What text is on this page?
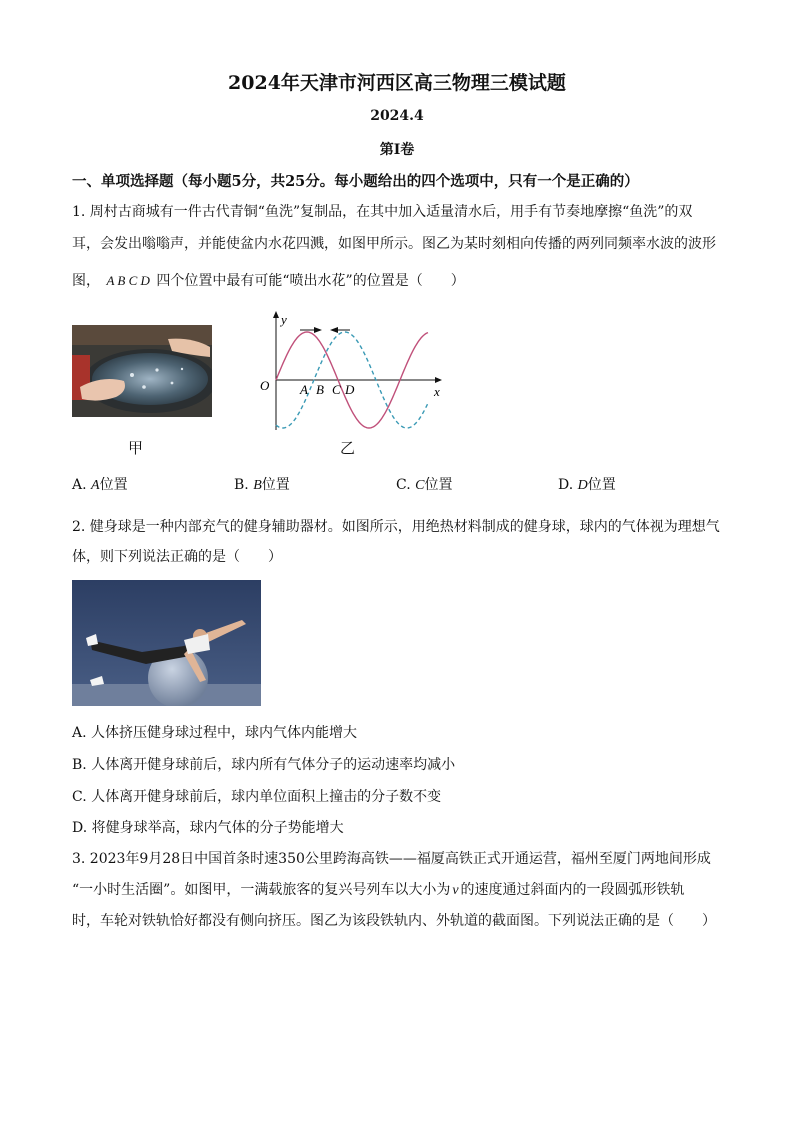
2024年天津市河西区高三物理三模试题
2024.4
第Ⅰ卷
一、单项选择题（每小题5分，共25分。每小题给出的四个选项中，只有一个是正确的）
1. 周村古商城有一件古代青铜“鱼洗”复制品，在其中加入适量清水后，用手有节奏地摩擦“鱼洗”的双
耳，会发出嗡嗡声，并能使盆内水花四溅，如图甲所示。图乙为某时刻相向传播的两列同频率水波的波形
图， A B C D 四个位置中最有可能“喷出水花”的位置是（　　）
甲
y
x
O A B C D
乙
A. A位置	B. B位置	C. C位置	D. D位置
2. 健身球是一种内部充气的健身辅助器材。如图所示，用绝热材料制成的健身球，球内的气体视为理想气
体，则下列说法正确的是（　　）
A. 人体挤压健身球过程中，球内气体内能增大
B. 人体离开健身球前后，球内所有气体分子的运动速率均减小
C. 人体离开健身球前后，球内单位面积上撞击的分子数不变
D. 将健身球举高，球内气体的分子势能增大
3. 2023年9月28日中国首条时速350公里跨海高铁——福厦高铁正式开通运营，福州至厦门两地间形成
“一小时生活圈”。如图甲，一满载旅客的复兴号列车以大小为 v 的速度通过斜面内的一段圆弧形铁轨
时，车轮对铁轨恰好都没有侧向挤压。图乙为该段铁轨内、外轨道的截面图。下列说法正确的是（　　）
